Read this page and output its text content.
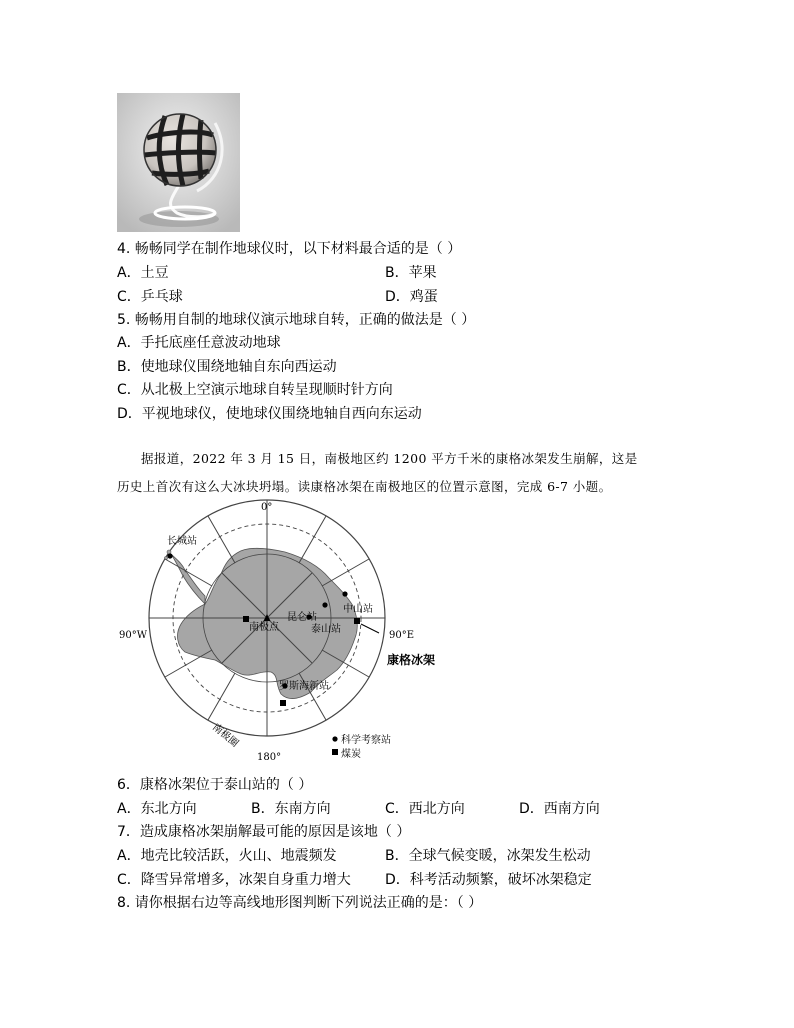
4. 畅畅同学在制作地球仪时，以下材料最合适的是（ ）
A．土豆	B．苹果
C．乒乓球	D．鸡蛋
5. 畅畅用自制的地球仪演示地球自转，正确的做法是（ ）
A．手托底座任意波动地球
B．使地球仪围绕地轴自东向西运动
C．从北极上空演示地球自转呈现顺时针方向
D．平视地球仪，使地球仪围绕地轴自西向东运动
据报道，2022 年 3 月 15 日，南极地区约 1200 平方千米的康格冰架发生崩解，这是
历史上首次有这么大冰块坍塌。读康格冰架在南极地区的位置示意图，完成 6-7 小题。
0°
90°W	90°E
180°
长城站
中山站
昆仑站
泰山站
南极点
罗斯海新站
南极圈
康格冰架
科学考察站
煤炭
6．康格冰架位于泰山站的（ ）
A．东北方向	B．东南方向	C．西北方向	D．西南方向
7．造成康格冰架崩解最可能的原因是该地（ ）
A．地壳比较活跃，火山、地震频发	B．全球气候变暖，冰架发生松动
C．降雪异常增多，冰架自身重力增大 D．科考活动频繁，破坏冰架稳定
8. 请你根据右边等高线地形图判断下列说法正确的是：（ ）
